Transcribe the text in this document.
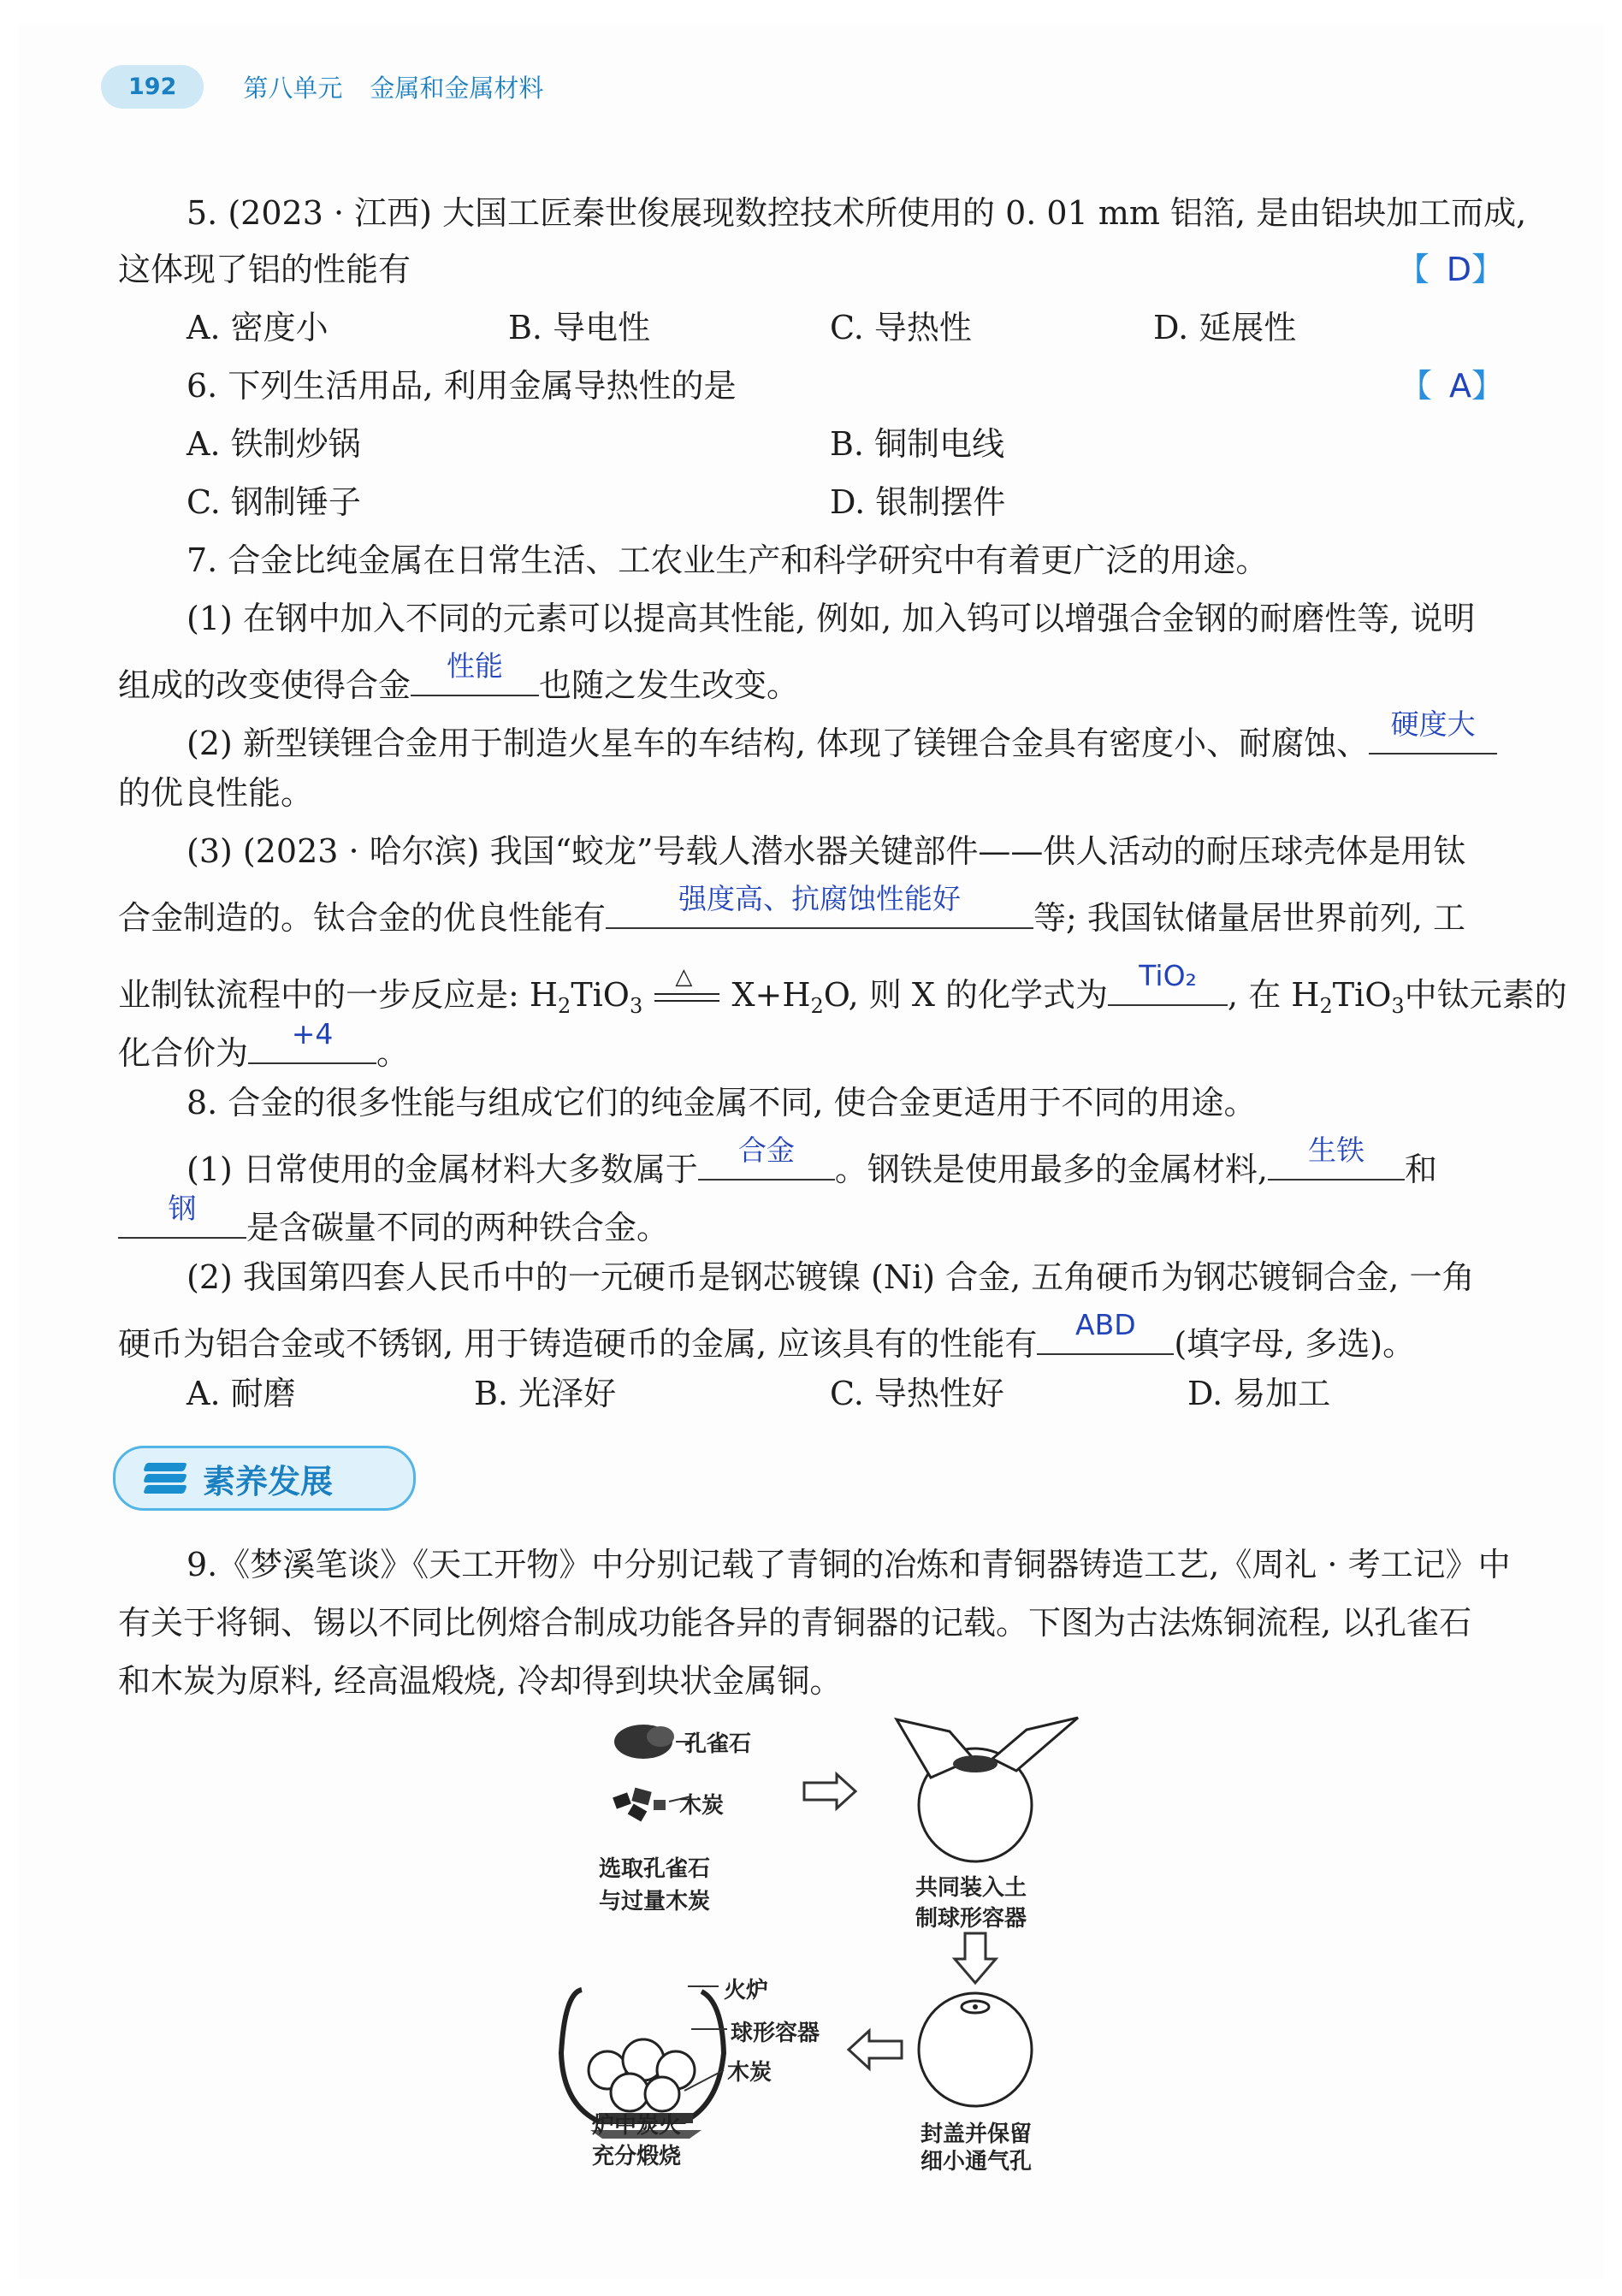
192	第八单元 金属和金属材料
5. (2023 · 江西) 大国工匠秦世俊展现数控技术所使用的 0. 01 mm 铝箔, 是由铝块加工而成,
这体现了铝的性能有	【D】
A. 密度小	B. 导电性	C. 导热性	D. 延展性
6. 下列生活用品, 利用金属导热性的是	【A】
A. 铁制炒锅	B. 铜制电线
C. 钢制锤子	D. 银制摆件
7. 合金比纯金属在日常生活、工农业生产和科学研究中有着更广泛的用途。
(1) 在钢中加入不同的元素可以提高其性能, 例如, 加入钨可以增强合金钢的耐磨性等, 说明
组成的改变使得合金
性能
也随之发生改变。
(2) 新型镁锂合金用于制造火星车的车结构, 体现了镁锂合金具有密度小、耐腐蚀、
硬度大
的优良性能。
(3) (2023 · 哈尔滨) 我国“蛟龙”号载人潜水器关键部件——供人活动的耐压球壳体是用钛
合金制造的。钛合金的优良性能有
强度高、抗腐蚀性能好
等; 我国钛储量居世界前列, 工
业制钛流程中的一步反应是: $H_2TiO_3$
△ $X+H_2O$, 则 X 的化学式为
TiO₂
, 在 $H_2TiO_3$中钛元素的
化合价为
+4
。
8. 合金的很多性能与组成它们的纯金属不同, 使合金更适用于不同的用途。
(1) 日常使用的金属材料大多数属于
合金
。钢铁是使用最多的金属材料,
生铁
和
钢
是含碳量不同的两种铁合金。
(2) 我国第四套人民币中的一元硬币是钢芯镀镍 (Ni) 合金, 五角硬币为钢芯镀铜合金, 一角
硬币为铝合金或不锈钢, 用于铸造硬币的金属, 应该具有的性能有
ABD
(填字母, 多选)。
A. 耐磨	B. 光泽好	C. 导热性好	D. 易加工
9.《梦溪笔谈》《天工开物》中分别记载了青铜的冶炼和青铜器铸造工艺,《周礼 · 考工记》中
有关于将铜、锡以不同比例熔合制成功能各异的青铜器的记载。下图为古法炼铜流程, 以孔雀石
和木炭为原料, 经高温煅烧, 冷却得到块状金属铜。
素养发展
孔雀石
木炭
选取孔雀石
与过量木炭
共同装入土
制球形容器
火炉
球形容器
木炭
炉中炭火
充分煅烧
封盖并保留
细小通气孔
